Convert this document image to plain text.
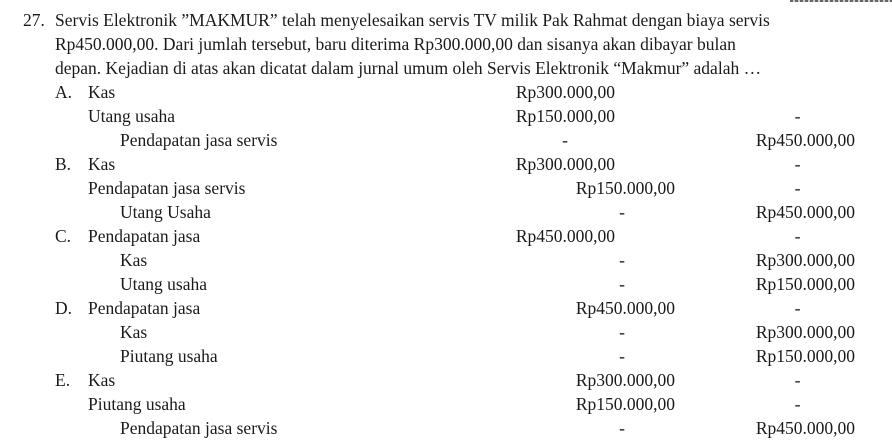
27. Servis Elektronik ”MAKMUR” telah menyelesaikan servis TV milik Pak Rahmat dengan biaya servis
Rp450.000,00. Dari jumlah tersebut, baru diterima Rp300.000,00 dan sisanya akan dibayar bulan
depan. Kejadian di atas akan dicatat dalam jurnal umum oleh Servis Elektronik “Makmur” adalah …
A. Kas	Rp300.000,00
Utang usaha	Rp150.000,00	-
Pendapatan jasa servis	-	Rp450.000,00
B. Kas	Rp300.000,00	-
Pendapatan jasa servis	Rp150.000,00	-
Utang Usaha	-	Rp450.000,00
C. Pendapatan jasa	Rp450.000,00	-
Kas	-	Rp300.000,00
Utang usaha	-	Rp150.000,00
D. Pendapatan jasa	Rp450.000,00	-
Kas	-	Rp300.000,00
Piutang usaha	-	Rp150.000,00
E. Kas	Rp300.000,00	-
Piutang usaha	Rp150.000,00	-
Pendapatan jasa servis	-	Rp450.000,00
